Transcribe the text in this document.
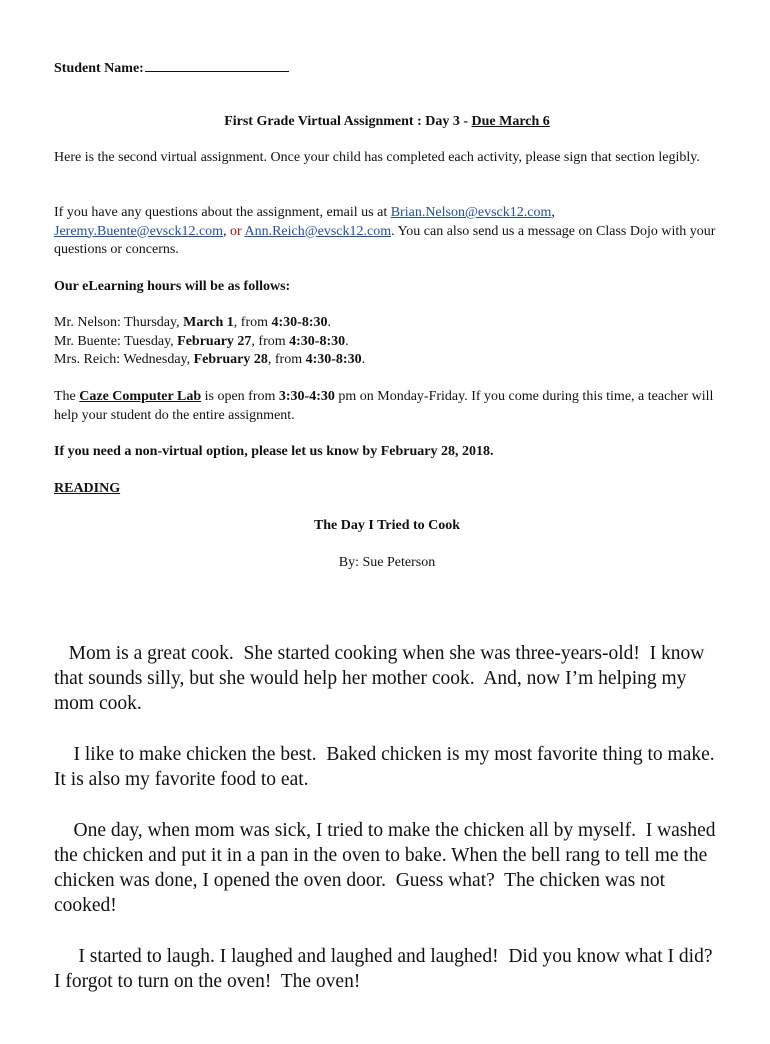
Student Name:
First Grade Virtual Assignment : Day 3 - Due March 6
Here is the second virtual assignment. Once your child has completed each activity, please sign that section legibly.
If you have any questions about the assignment, email us at Brian.Nelson@evsck12.com,
Jeremy.Buente@evsck12.com, or Ann.Reich@evsck12.com. You can also send us a message on Class Dojo with your questions or concerns.
Our eLearning hours will be as follows:
Mr. Nelson: Thursday, March 1, from 4:30-8:30.
Mr. Buente: Tuesday, February 27, from 4:30-8:30.
Mrs. Reich: Wednesday, February 28, from 4:30-8:30.
The Caze Computer Lab is open from 3:30-4:30 pm on Monday-Friday. If you come during this time, a teacher will help your student do the entire assignment.
If you need a non-virtual option, please let us know by February 28, 2018.
READING
The Day I Tried to Cook
By: Sue Peterson

Mom is a great cook.  She started cooking when she was three-years-old!  I know that sounds silly, but she would help her mother cook.  And, now I’m helping my mom cook.

I like to make chicken the best.  Baked chicken is my most favorite thing to make.  It is also my favorite food to eat.

One day, when mom was sick, I tried to make the chicken all by myself.  I washed the chicken and put it in a pan in the oven to bake. When the bell rang to tell me the chicken was done, I opened the oven door.  Guess what?  The chicken was not cooked!

I started to laugh. I laughed and laughed and laughed!  Did you know what I did?  I forgot to turn on the oven!  The oven!
